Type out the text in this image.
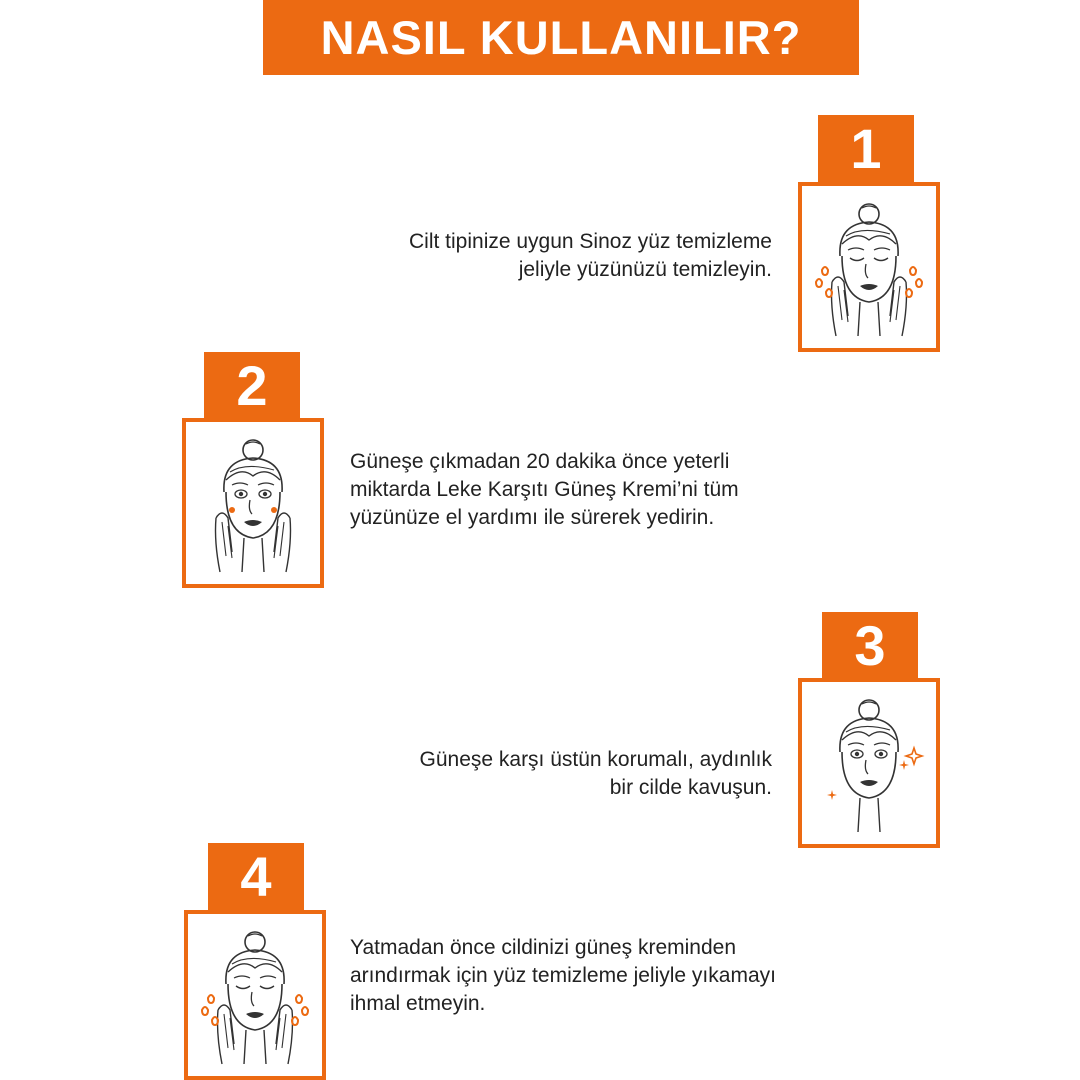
NASIL KULLANILIR?
1
Cilt tipinize uygun Sinoz yüz temizleme
jeliyle yüzünüzü temizleyin.
2
Güneşe çıkmadan 20 dakika önce yeterli
miktarda Leke Karşıtı Güneş Kremi’ni tüm
yüzünüze el yardımı ile sürerek yedirin.
3
Güneşe karşı üstün korumalı, aydınlık
bir cilde kavuşun.
4
Yatmadan önce cildinizi güneş kreminden
arındırmak için yüz temizleme jeliyle yıkamayı
ihmal etmeyin.
